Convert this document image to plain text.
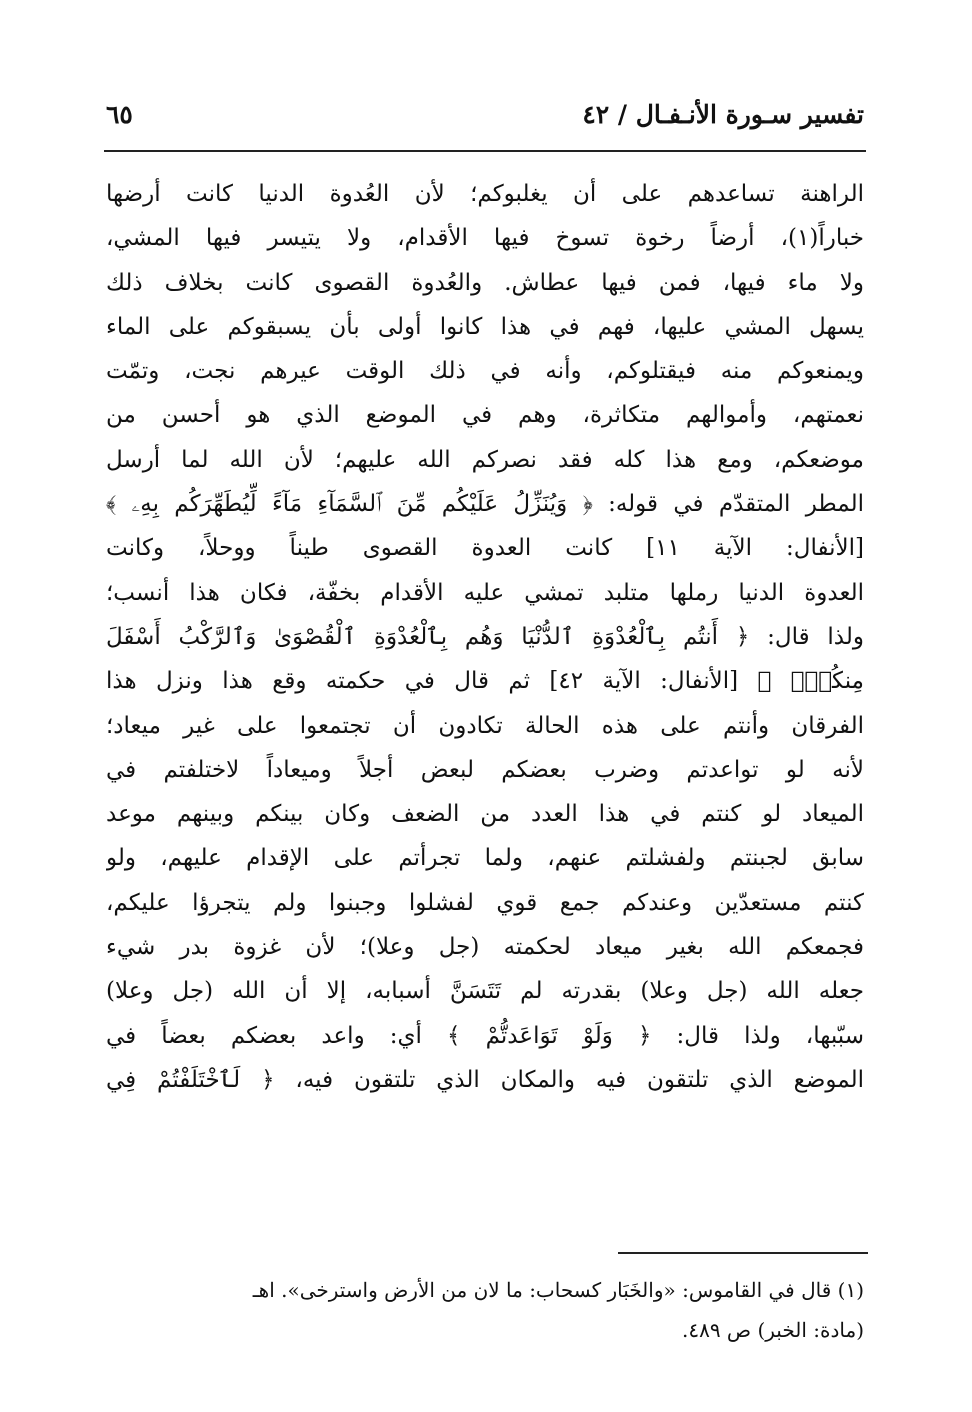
تفسير سـورة الأنـفـال / ٤٢
٦٥
الراهنة تساعدهم على أن يغلبوكم؛ لأن العُدوة الدنيا كانت أرضها
خباراً(١)، أرضاً رخوة تسوخ فيها الأقدام، ولا يتيسر فيها المشي،
ولا ماء فيها، فمن فيها عطاش. والعُدوة القصوى كانت بخلاف ذلك
يسهل المشي عليها، فهم في هذا كانوا أولى بأن يسبقوكم على الماء
ويمنعوكم منه فيقتلوكم، وأنه في ذلك الوقت عيرهم نجت، وتمّت
نعمتهم، وأموالهم متكاثرة، وهم في الموضع الذي هو أحسن من
موضعكم، ومع هذا كله فقد نصركم الله عليهم؛ لأن الله لما أرسل
المطر المتقدّم في قوله: ﴿ وَيُنَزِّلُ عَلَيْكُم مِّنَ ٱلسَّمَآءِ مَآءً لِّيُطَهِّرَكُم بِهِۦ ﴾
[الأنفال: الآية ١١] كانت العدوة القصوى طيناً ووحلاً، وكانت
العدوة الدنيا رملها متلبد تمشي عليه الأقدام بخفّة، فكان هذا أنسب؛
ولذا قال: ﴿ أَنتُم بِٱلْعُدْوَةِ ٱلدُّنْيَا وَهُم بِٱلْعُدْوَةِ ٱلْقُصْوَىٰ وَٱلرَّكْبُ أَسْفَلَ
مِنكُمْۚ ﴾ [الأنفال: الآية ٤٢] ثم قال في حكمته وقع هذا ونزل هذا
الفرقان وأنتم على هذه الحالة تكادون أن تجتمعوا على غير ميعاد؛
لأنه لو تواعدتم وضرب بعضكم لبعض أجلاً وميعاداً لاختلفتم في
الميعاد لو كنتم في هذا العدد من الضعف وكان بينكم وبينهم موعد
سابق لجبنتم ولفشلتم عنهم، ولما تجرأتم على الإقدام عليهم، ولو
كنتم مستعدّين وعندكم جمع قوي لفشلوا وجبنوا ولم يتجرؤا عليكم،
فجمعكم الله بغير ميعاد لحكمته (جل وعلا)؛ لأن غزوة بدر شيء
جعله الله (جل وعلا) بقدرته لم تَتَسَنَّ أسبابه، إلا أن الله (جل وعلا)
سبّبها، ولذا قال: ﴿ وَلَوْ تَوَاعَدتُّمْ ﴾ أي: واعد بعضكم بعضاً في
الموضع الذي تلتقون فيه والمكان الذي تلتقون فيه، ﴿ لَٱخْتَلَفْتُمْ فِي
(١) قال في القاموس: «والخَبَار كسحاب: ما لان من الأرض واسترخى». اهـ
(مادة: الخبر) ص ٤٨٩.
